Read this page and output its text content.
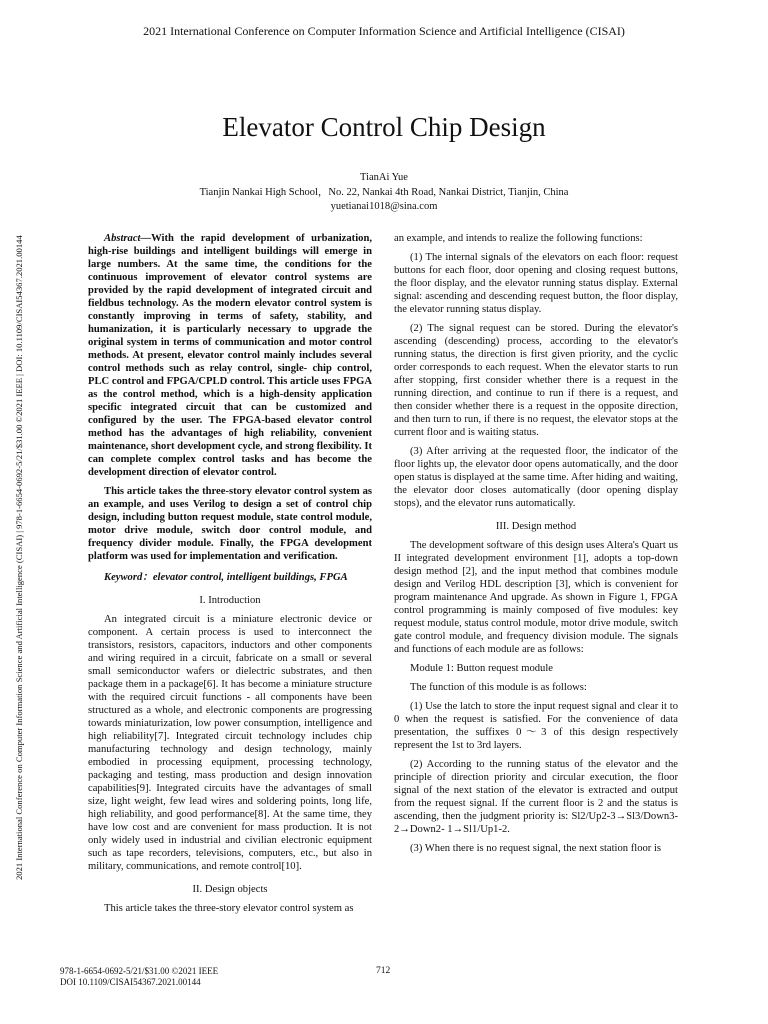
2021 International Conference on Computer Information Science and Artificial Intelligence (CISAI)
2021 International Conference on Computer Information Science and Artificial Intelligence (CISAI) | 978-1-6654-0692-5/21/$31.00 ©2021 IEEE | DOI: 10.1109/CISAI54367.2021.00144
Elevator Control Chip Design
TianAi Yue
Tianjin Nankai High School，No. 22, Nankai 4th Road, Nankai District, Tianjin, China
yuetianai1018@sina.com

Abstract—With the rapid development of urbanization, high-rise buildings and intelligent buildings will emerge in large numbers. At the same time, the conditions for the continuous improvement of elevator control systems are provided by the rapid development of integrated circuit and fieldbus technology. As the modern elevator control system is constantly improving in terms of safety, stability, and humanization, it is particularly necessary to upgrade the original system in terms of communication and motor control methods. At present, elevator control mainly includes several control methods such as relay control, single- chip control, PLC control and FPGA/CPLD control. This article uses FPGA as the control method, which is a high-density application specific integrated circuit that can be customized and configured by the user. The FPGA-based elevator control method has the advantages of high reliability, convenient maintenance, short development cycle, and strong flexibility. It can complete complex control tasks and has become the development direction of elevator control.

This article takes the three-story elevator control system as an example, and uses Verilog to design a set of control chip design, including button request module, state control module, motor drive module, switch door control module, and frequency divider module. Finally, the FPGA development platform was used for implementation and verification.

Keyword：elevator control, intelligent buildings, FPGA

I. Introduction

An integrated circuit is a miniature electronic device or component. A certain process is used to interconnect the transistors, resistors, capacitors, inductors and other components and wiring required in a circuit, fabricate on a small or several small semiconductor wafers or dielectric substrates, and then package them in a package[6]. It has become a miniature structure with the required circuit functions - all components have been structured as a whole, and electronic components are progressing towards miniaturization, low power consumption, intelligence and high reliability[7]. Integrated circuit technology includes chip manufacturing technology and design technology, mainly embodied in processing equipment, processing technology, packaging and testing, mass production and design innovation capabilities[9]. Integrated circuits have the advantages of small size, light weight, few lead wires and soldering points, long life, high reliability, and good performance[8]. At the same time, they have low cost and are convenient for mass production. It is not only widely used in industrial and civilian electronic equipment such as tape recorders, televisions, computers, etc., but also in military, communications, and remote control[10].

II. Design objects

This article takes the three-story elevator control system as

an example, and intends to realize the following functions:

(1) The internal signals of the elevators on each floor: request buttons for each floor, door opening and closing request buttons, the floor display, and the elevator running status display. External signal: ascending and descending request button, the floor display, the elevator running status display.

(2) The signal request can be stored. During the elevator's ascending (descending) process, according to the elevator's running status, the direction is first given priority, and the cyclic order corresponds to each request. When the elevator starts to run after stopping, first consider whether there is a request in the running direction, and continue to run if there is a request, and then consider whether there is a request in the opposite direction, and then turn to run, if there is no request, the elevator stops at the current floor and is waiting status.

(3) After arriving at the requested floor, the indicator of the floor lights up, the elevator door opens automatically, and the door open status is displayed at the same time. After hiding and waiting, the elevator door closes automatically (door opening display stops), and the elevator runs automatically.

III. Design method

The development software of this design uses Altera's Quart us II integrated development environment [1], adopts a top-down design method [2], and the input method that combines module design and Verilog HDL description [3], which is convenient for program maintenance And upgrade. As shown in Figure 1, FPGA control programming is mainly composed of five modules: key request module, status control module, motor drive module, switch gate control module, and frequency division module. The signals and functions of each module are as follows:

Module 1: Button request module

The function of this module is as follows:

(1) Use the latch to store the input request signal and clear it to 0 when the request is satisfied. For the convenience of data presentation, the suffixes 0～3 of this design respectively represent the 1st to 3rd layers.

(2) According to the running status of the elevator and the principle of direction priority and circular execution, the floor signal of the next station of the elevator is extracted and output from the request signal. If the current floor is 2 and the status is ascending, then the judgment priority is: Sl2/Up2-3→Sl3/Down3-2→Down2- 1→Sl1/Up1-2.

(3) When there is no request signal, the next station floor is

978-1-6654-0692-5/21/$31.00 ©2021 IEEE
DOI 10.1109/CISAI54367.2021.00144
712
